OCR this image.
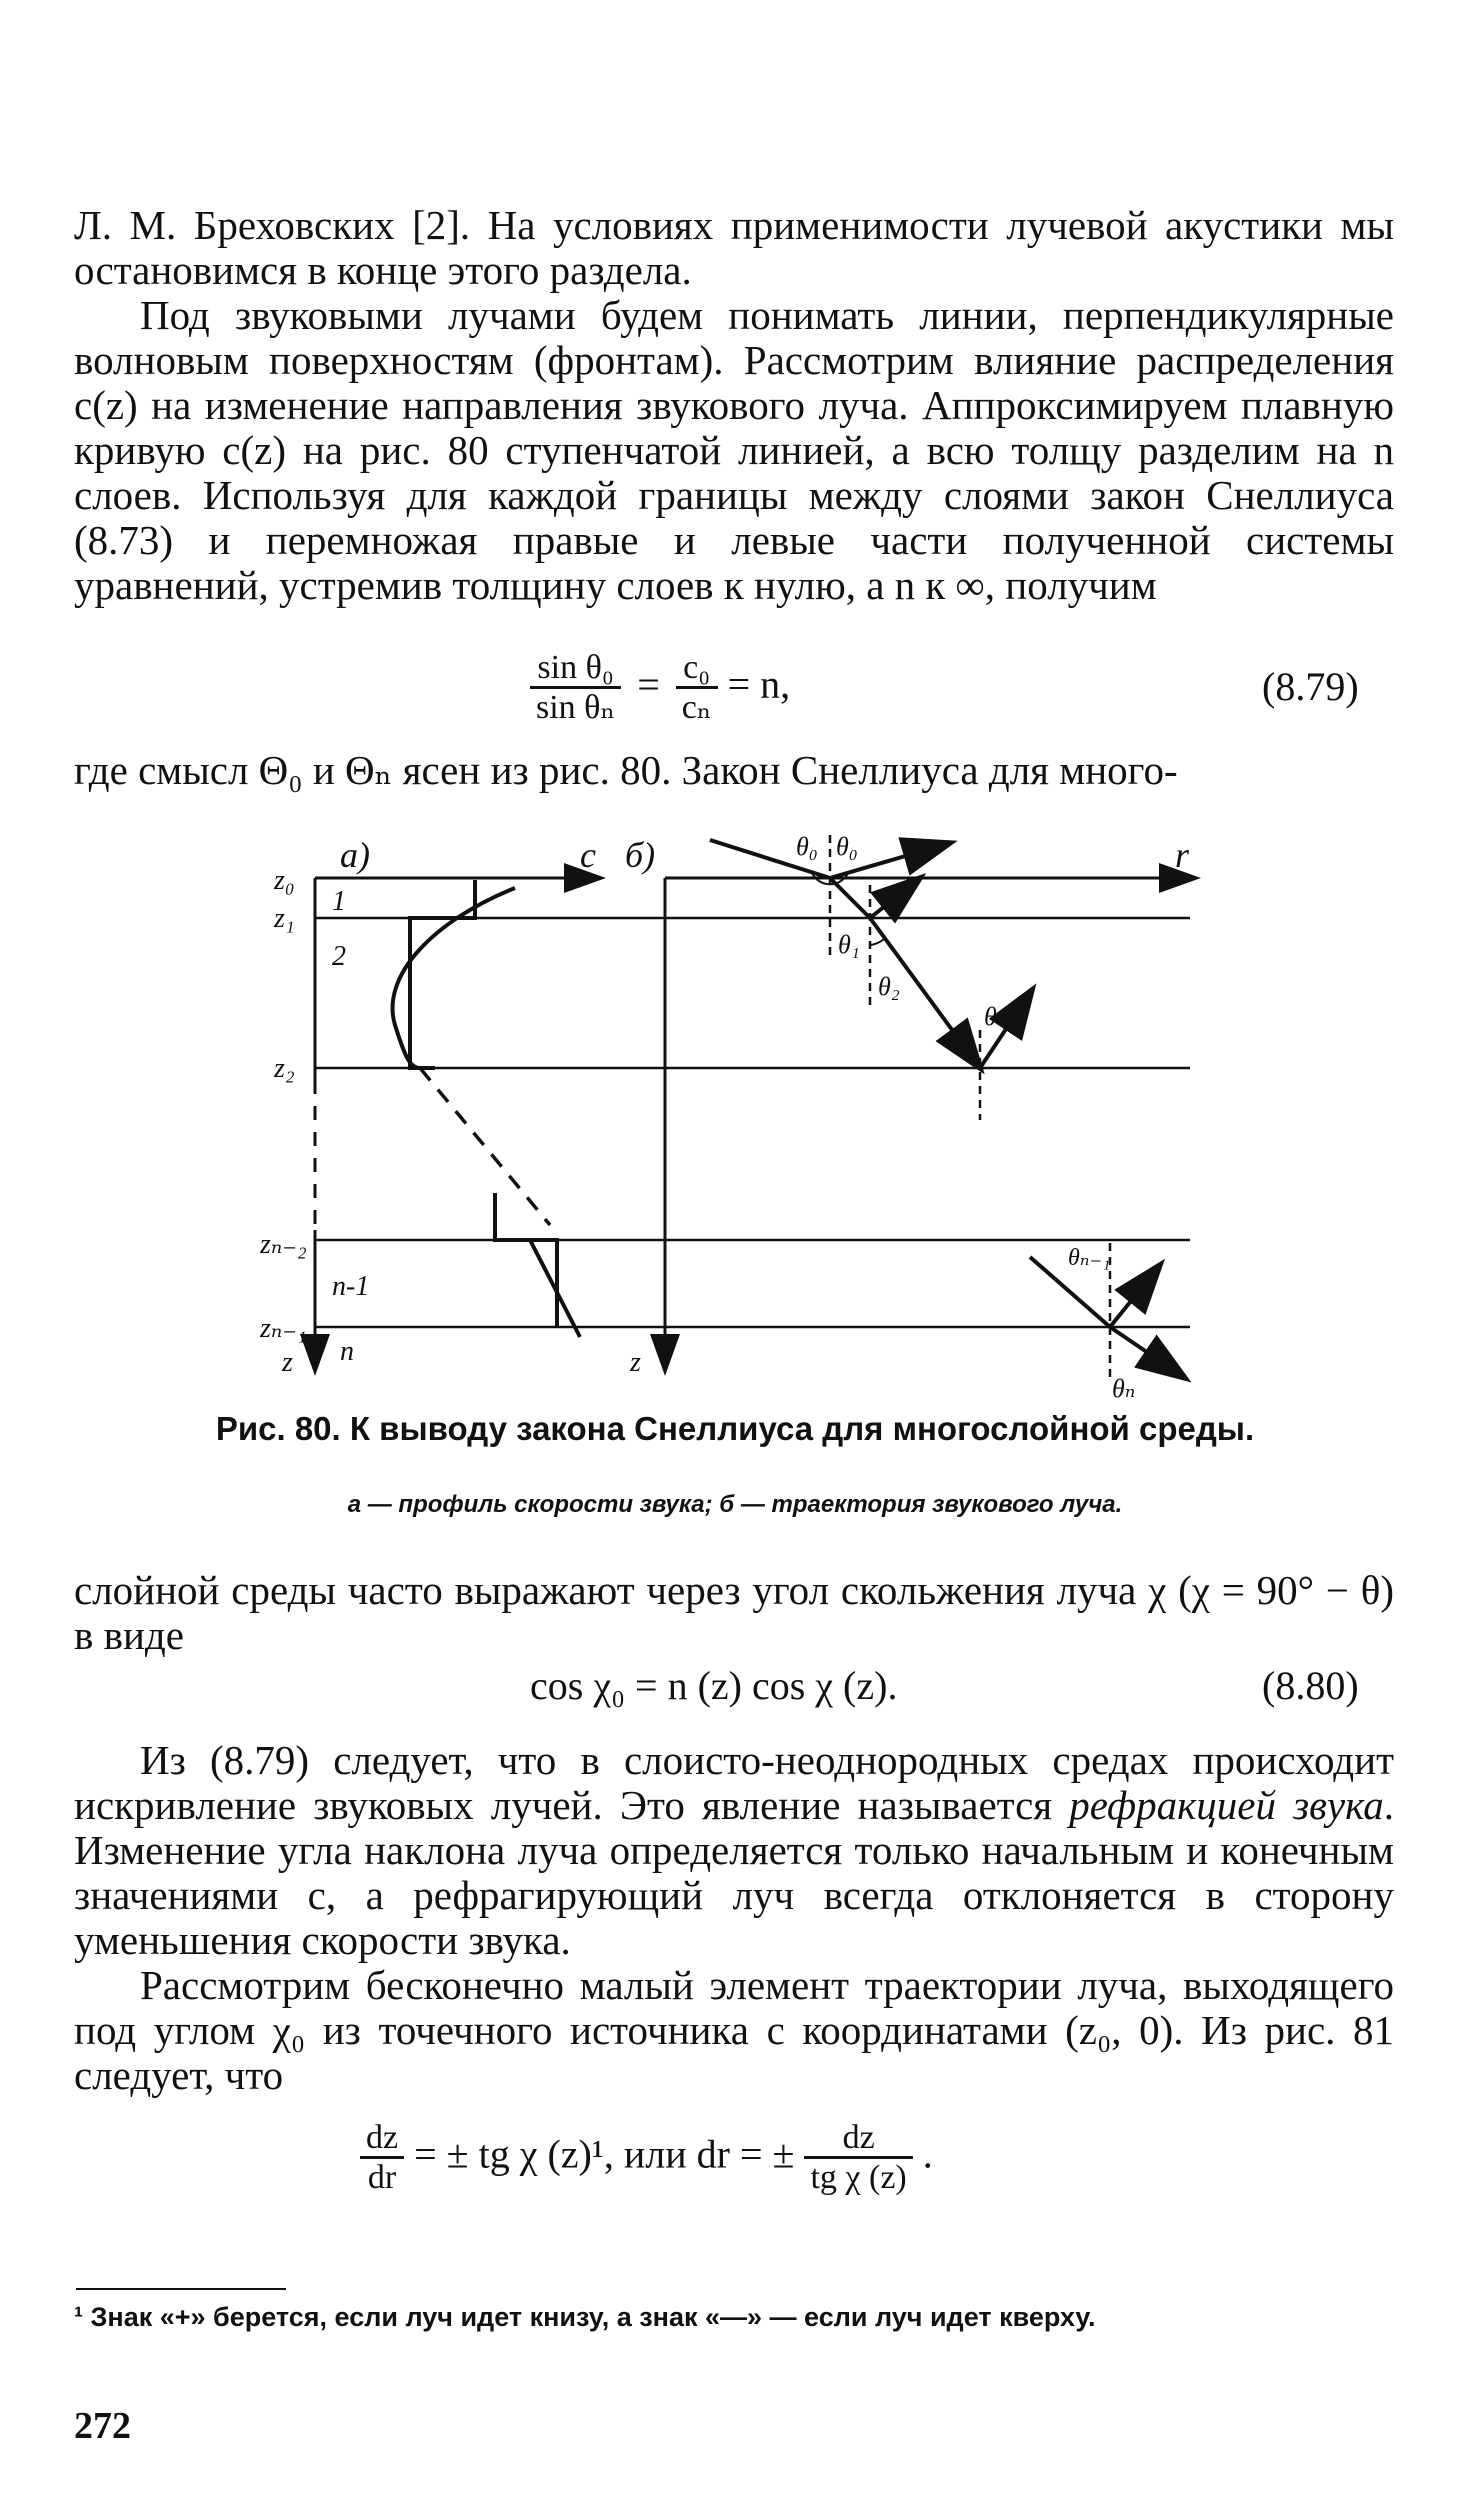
Л. М. Бреховских [2]. На условиях применимости лучевой акустики мы остановимся в конце этого раздела.

Под звуковыми лучами будем понимать линии, перпендикулярные волновым поверхностям (фронтам). Рассмотрим влияние распределения c(z) на изменение направления звукового луча. Аппроксимируем плавную кривую c(z) на рис. 80 ступенчатой линией, а всю толщу разделим на n слоев. Используя для каждой границы между слоями закон Снеллиуса (8.73) и перемножая правые и левые части полученной системы уравнений, устремив толщину слоев к нулю, а n к ∞, получим

$\frac{\text{sin θ₀}}{\text{sin θₙ}} = \frac{\text{c₀}}{\text{cₙ}} = n$,	(8.79)

где смысл Θ₀ и Θₙ ясен из рис. 80. Закон Снеллиуса для много-

a)	c
z₀
z₁
z₂
zₙ₋₂
zₙ₋₁
z
1
2
n-1
n
б)	r
z
θ₀ θ₀
θ₁
θ₂
θ
θₙ₋₁
θₙ
Рис. 80. К выводу закона Снеллиуса для многослойной среды.
а — профиль скорости звука; б — траектория звукового луча.

слойной среды часто выражают через угол скольжения луча χ (χ = 90° − θ) в виде

cos χ₀ = n (z) cos χ (z).	(8.80)

Из (8.79) следует, что в слоисто-неоднородных средах происходит искривление звуковых лучей. Это явление называется рефракцией звука. Изменение угла наклона луча определяется только начальным и конечным значениями c, а рефрагирующий луч всегда отклоняется в сторону уменьшения скорости звука.

Рассмотрим бесконечно малый элемент траектории луча, выходящего под углом χ₀ из точечного источника с координатами (z₀, 0). Из рис. 81 следует, что

$\frac{dz}{dr}$ = ± tg χ (z)¹, или dr = ± $\frac{dz}{\text{tg χ (z)}}$ .
¹ Знак «+» берется, если луч идет книзу, а знак «—» — если луч идет кверху.
272
